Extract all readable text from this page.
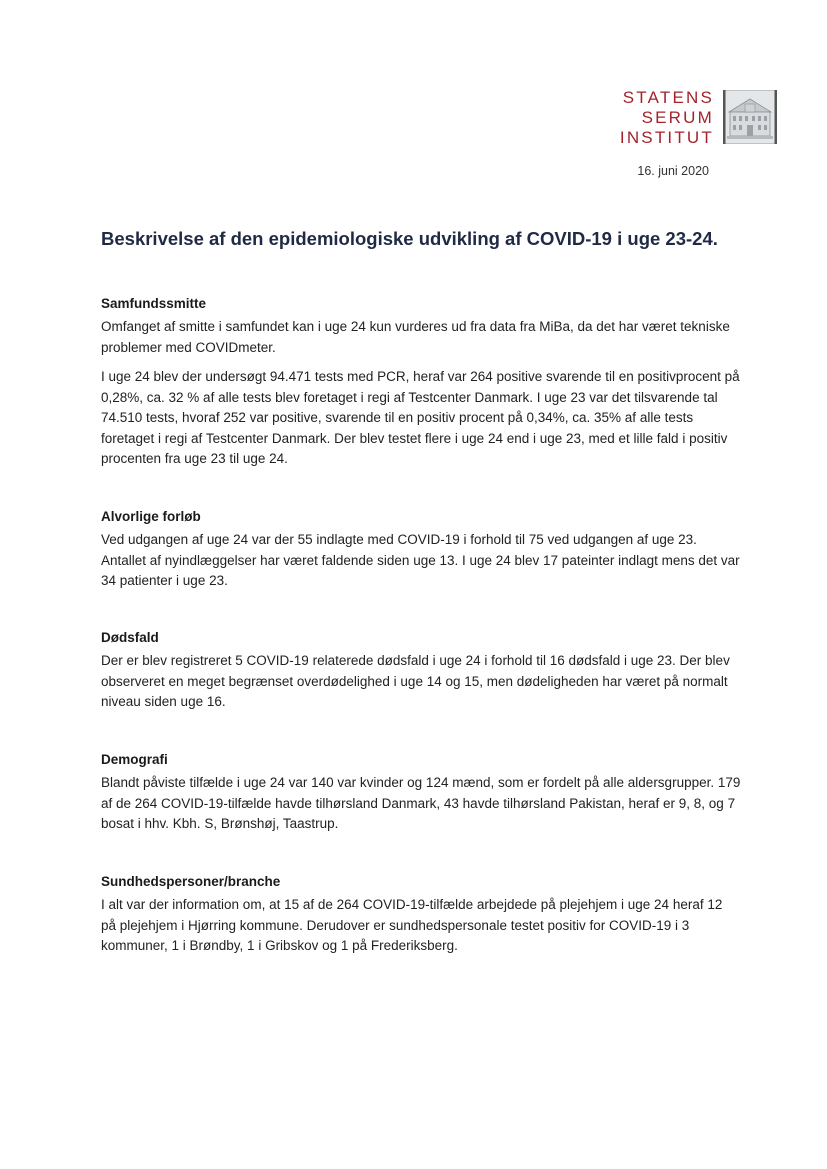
STATENS
SERUM
INSTITUT
16. juni 2020
Beskrivelse af den epidemiologiske udvikling af COVID-19 i uge 23-24.
Samfundssmitte

Omfanget af smitte i samfundet kan i uge 24 kun vurderes ud fra data fra MiBa, da det har været tekniske problemer med COVIDmeter.

I uge 24 blev der undersøgt 94.471 tests med PCR, heraf var 264 positive svarende til en positivprocent på 0,28%, ca. 32 % af alle tests blev foretaget i regi af Testcenter Danmark. I uge 23 var det tilsvarende tal 74.510 tests, hvoraf 252 var positive, svarende til en positiv procent på 0,34%, ca. 35% af alle tests foretaget i regi af Testcenter Danmark. Der blev testet flere i uge 24 end i uge 23, med et lille fald i positiv procenten fra uge 23 til uge 24.

Alvorlige forløb

Ved udgangen af uge 24 var der 55 indlagte med COVID-19 i forhold til 75 ved udgangen af uge 23. Antallet af nyindlæggelser har været faldende siden uge 13. I uge 24 blev 17 pateinter indlagt mens det var 34 patienter i uge 23.

Dødsfald

Der er blev registreret 5 COVID-19 relaterede dødsfald i uge 24 i forhold til 16 dødsfald i uge 23. Der blev observeret en meget begrænset overdødelighed i uge 14 og 15, men dødeligheden har været på normalt niveau siden uge 16.

Demografi

Blandt påviste tilfælde i uge 24 var 140 var kvinder og 124 mænd, som er fordelt på alle aldersgrupper. 179 af de 264 COVID-19-tilfælde havde tilhørsland Danmark, 43 havde tilhørsland Pakistan, heraf er 9, 8, og 7 bosat i hhv. Kbh. S, Brønshøj, Taastrup.

Sundhedspersoner/branche

I alt var der information om, at 15 af de 264 COVID-19-tilfælde arbejdede på plejehjem i uge 24 heraf 12 på plejehjem i Hjørring kommune. Derudover er sundhedspersonale testet positiv for COVID-19 i 3 kommuner, 1 i Brøndby, 1 i Gribskov og 1 på Frederiksberg.
